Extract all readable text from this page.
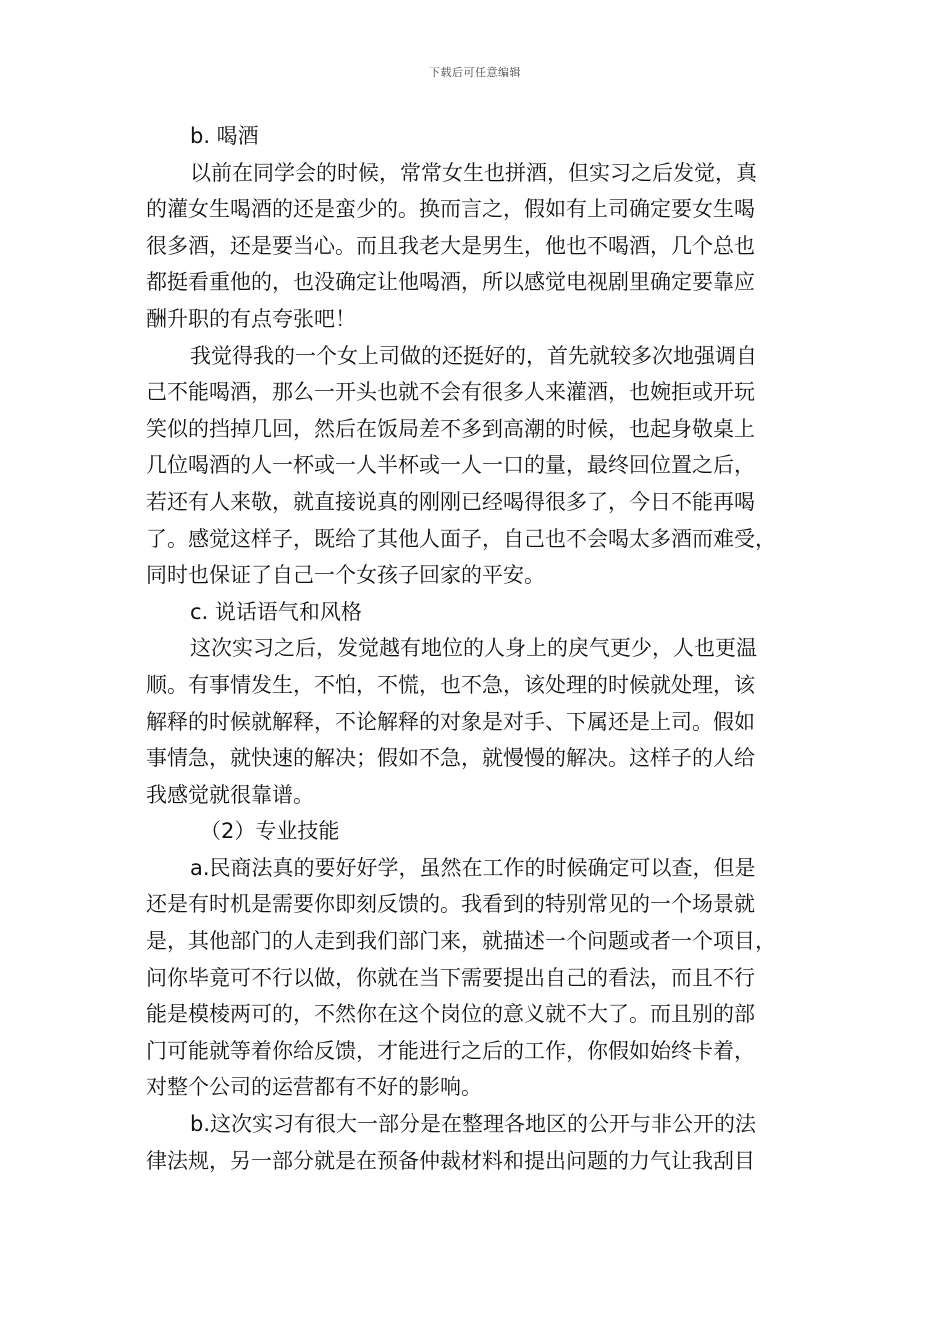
下载后可任意编辑
b. 喝酒
以前在同学会的时候，常常女生也拼酒，但实习之后发觉，真
的灌女生喝酒的还是蛮少的。换而言之，假如有上司确定要女生喝
很多酒，还是要当心。而且我老大是男生，他也不喝酒，几个总也
都挺看重他的，也没确定让他喝酒，所以感觉电视剧里确定要靠应
酬升职的有点夸张吧！
我觉得我的一个女上司做的还挺好的，首先就较多次地强调自
己不能喝酒，那么一开头也就不会有很多人来灌酒，也婉拒或开玩
笑似的挡掉几回，然后在饭局差不多到高潮的时候，也起身敬桌上
几位喝酒的人一杯或一人半杯或一人一口的量，最终回位置之后，
若还有人来敬，就直接说真的刚刚已经喝得很多了，今日不能再喝
了。感觉这样子，既给了其他人面子，自己也不会喝太多酒而难受，
同时也保证了自己一个女孩子回家的平安。
c. 说话语气和风格
这次实习之后，发觉越有地位的人身上的戾气更少，人也更温
顺。有事情发生，不怕，不慌，也不急，该处理的时候就处理，该
解释的时候就解释，不论解释的对象是对手、下属还是上司。假如
事情急，就快速的解决；假如不急，就慢慢的解决。这样子的人给
我感觉就很靠谱。
（2）专业技能
a.民商法真的要好好学，虽然在工作的时候确定可以查，但是
还是有时机是需要你即刻反馈的。我看到的特别常见的一个场景就
是，其他部门的人走到我们部门来，就描述一个问题或者一个项目，
问你毕竟可不行以做，你就在当下需要提出自己的看法，而且不行
能是模棱两可的，不然你在这个岗位的意义就不大了。而且别的部
门可能就等着你给反馈，才能进行之后的工作，你假如始终卡着，
对整个公司的运营都有不好的影响。
b.这次实习有很大一部分是在整理各地区的公开与非公开的法
律法规，另一部分就是在预备仲裁材料和提出问题的力气让我刮目
